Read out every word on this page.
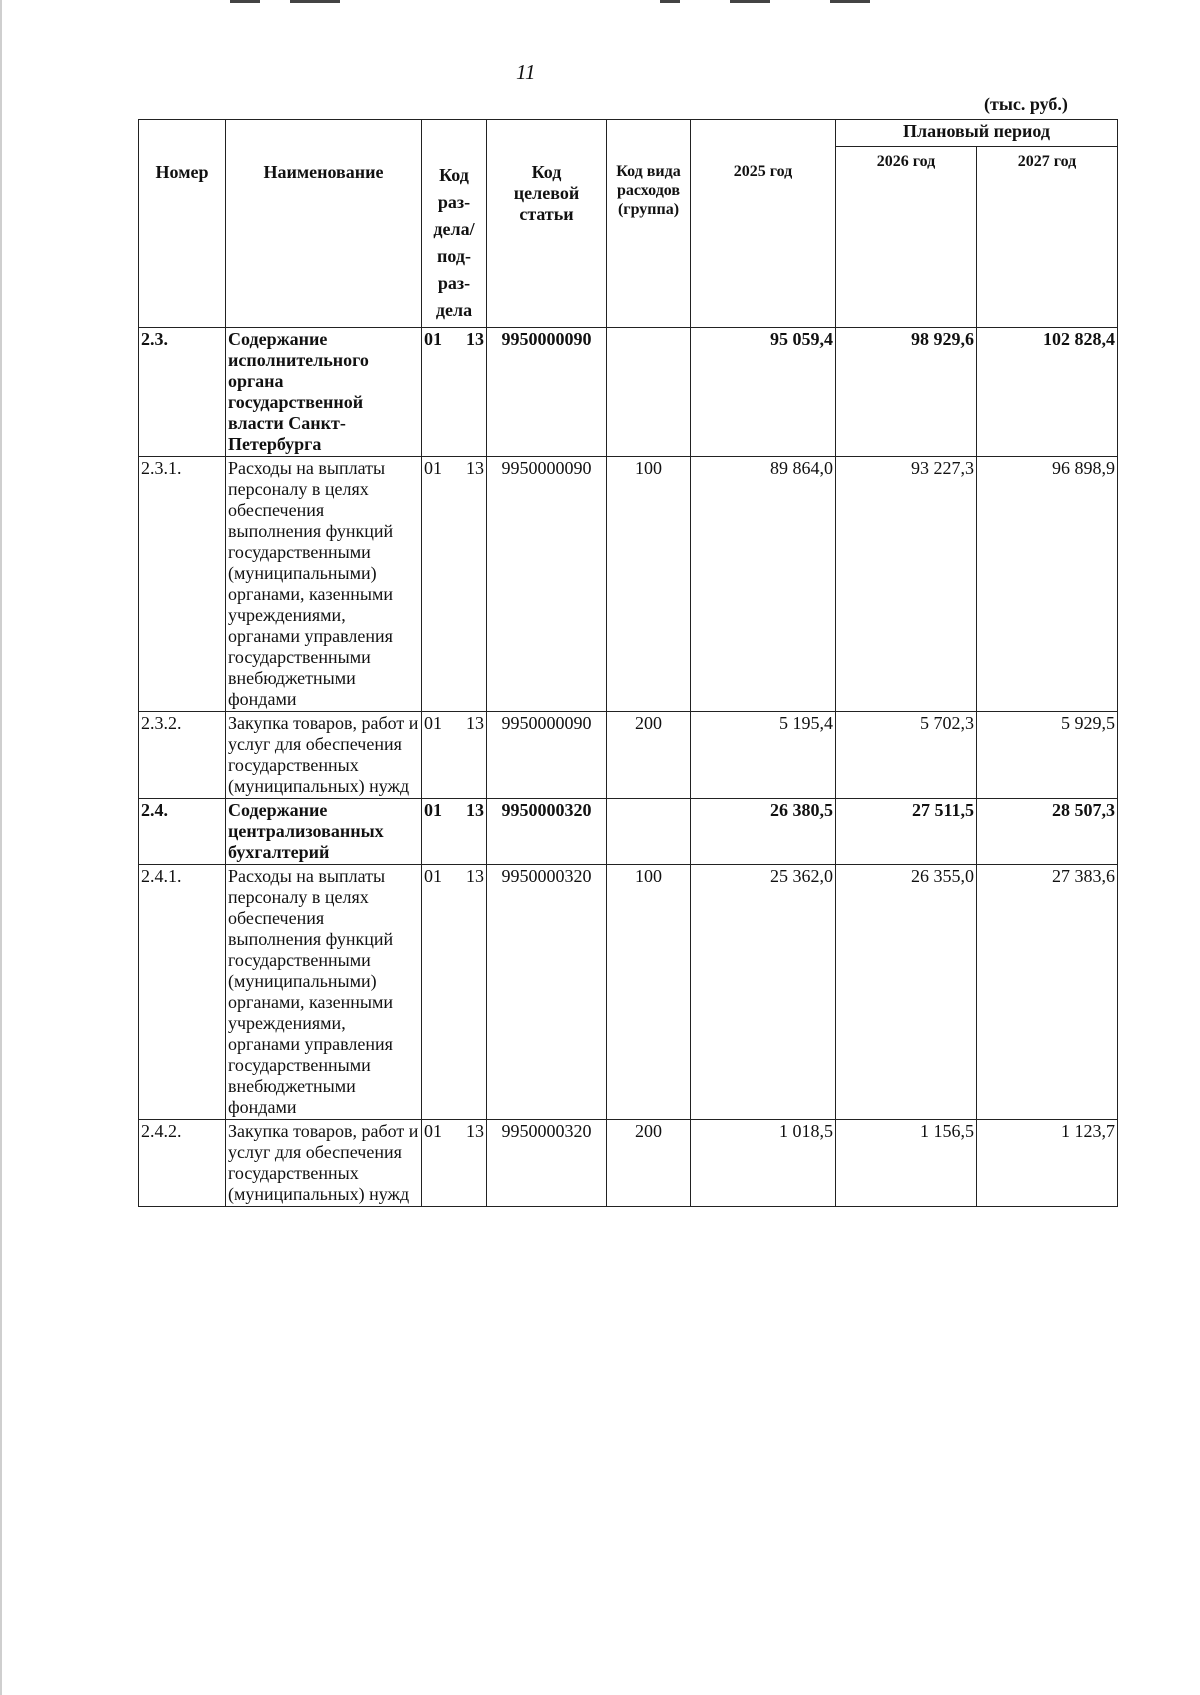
11
(тыс. руб.)
Номер	Наименование	Код раз-дела/ под-раз-дела	Код целевой статьи	Код вида расходов (группа)	2025 год	Плановый период	
						2026 год	2027 год
2.3.	Содержание исполнительного органа государственной власти Санкт-Петербурга	01 13	9950000090		95 059,4	98 929,6	102 828,4
2.3.1.	Расходы на выплаты персоналу в целях обеспечения выполнения функций государственными (муниципальными) органами, казенными учреждениями, органами управления государственными внебюджетными фондами	01 13	9950000090	100	89 864,0	93 227,3	96 898,9
2.3.2.	Закупка товаров, работ и услуг для обеспечения государственных (муниципальных) нужд	01 13	9950000090	200	5 195,4	5 702,3	5 929,5
2.4.	Содержание централизованных бухгалтерий	01 13	9950000320		26 380,5	27 511,5	28 507,3
2.4.1.	Расходы на выплаты персоналу в целях обеспечения выполнения функций государственными (муниципальными) органами, казенными учреждениями, органами управления государственными внебюджетными фондами	01 13	9950000320	100	25 362,0	26 355,0	27 383,6
2.4.2.	Закупка товаров, работ и услуг для обеспечения государственных (муниципальных) нужд	01 13	9950000320	200	1 018,5	1 156,5	1 123,7
